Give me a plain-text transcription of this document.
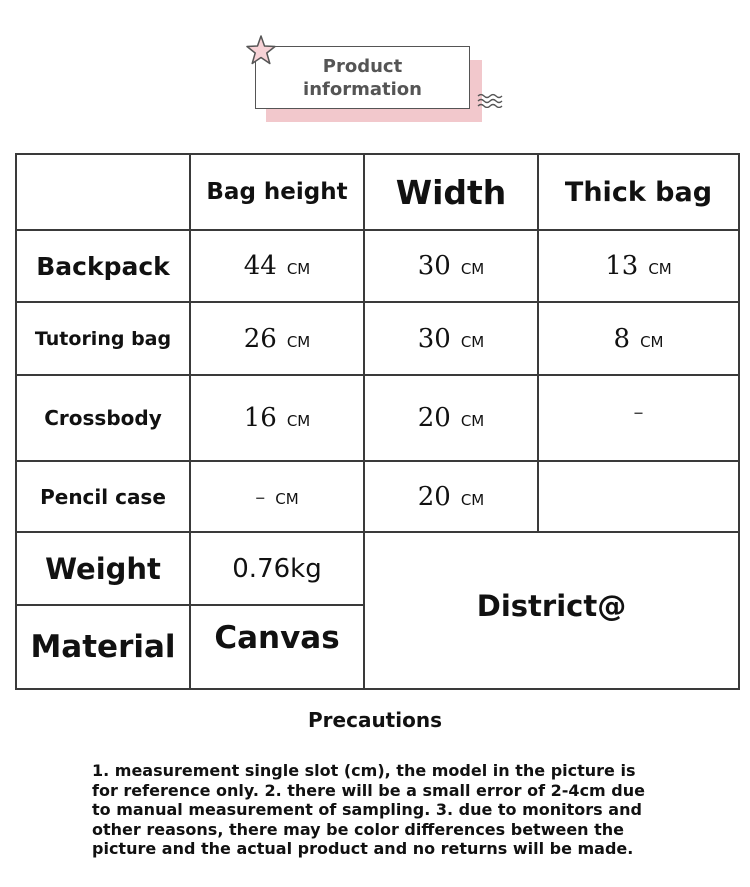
Product
information
	Bag height	Width	Thick bag
Backpack	44 CM	30 CM	13 CM
Tutoring bag	26 CM	30 CM	8 CM
Crossbody	16 CM	20 CM	–
Pencil case	– CM	20 CM	
Weight	0.76kg	District@	
Material	Canvas		
Precautions
1. measurement single slot (cm), the model in the picture is for reference only. 2. there will be a small error of 2-4cm due to manual measurement of sampling. 3. due to monitors and other reasons, there may be color differences between the picture and the actual product and no returns will be made.
